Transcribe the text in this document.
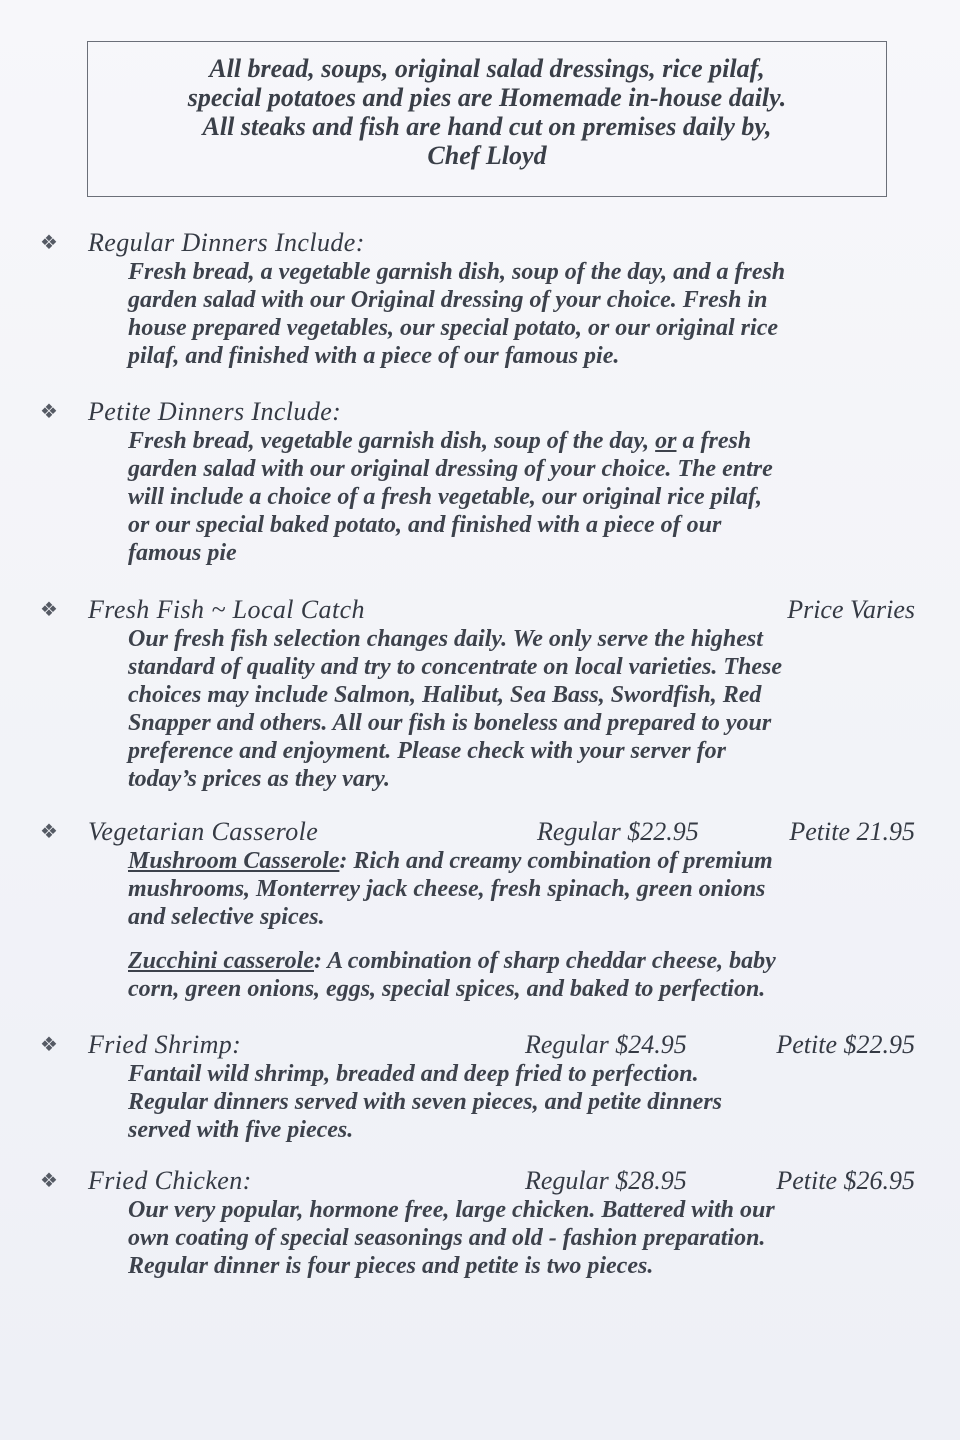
All bread, soups, original salad dressings, rice pilaf,
special potatoes and pies are Homemade in-house daily.
All steaks and fish are hand cut on premises daily by,
Chef Lloyd
❖	Regular Dinners Include:

Fresh bread, a vegetable garnish dish, soup of the day, and a fresh
garden salad with our Original dressing of your choice. Fresh in
house prepared vegetables, our special potato, or our original rice
pilaf, and finished with a piece of our famous pie.

❖	Petite Dinners Include:

Fresh bread, vegetable garnish dish, soup of the day, or a fresh
garden salad with our original dressing of your choice. The entre
will include a choice of a fresh vegetable, our original rice pilaf,
or our special baked potato, and finished with a piece of our
famous pie

❖	Fresh Fish ~ Local Catch	Price Varies

Our fresh fish selection changes daily. We only serve the highest
standard of quality and try to concentrate on local varieties. These
choices may include Salmon, Halibut, Sea Bass, Swordfish, Red
Snapper and others. All our fish is boneless and prepared to your
preference and enjoyment. Please check with your server for
today’s prices as they vary.

❖	Vegetarian Casserole	Regular $22.95	Petite 21.95

Mushroom Casserole: Rich and creamy combination of premium
mushrooms, Monterrey jack cheese, fresh spinach, green onions
and selective spices.

Zucchini casserole: A combination of sharp cheddar cheese, baby
corn, green onions, eggs, special spices, and baked to perfection.

❖	Fried Shrimp:	Regular $24.95	Petite $22.95

Fantail wild shrimp, breaded and deep fried to perfection.
Regular dinners served with seven pieces, and petite dinners
served with five pieces.

❖	Fried Chicken:	Regular $28.95	Petite $26.95

Our very popular, hormone free, large chicken. Battered with our
own coating of special seasonings and old - fashion preparation.
Regular dinner is four pieces and petite is two pieces.
